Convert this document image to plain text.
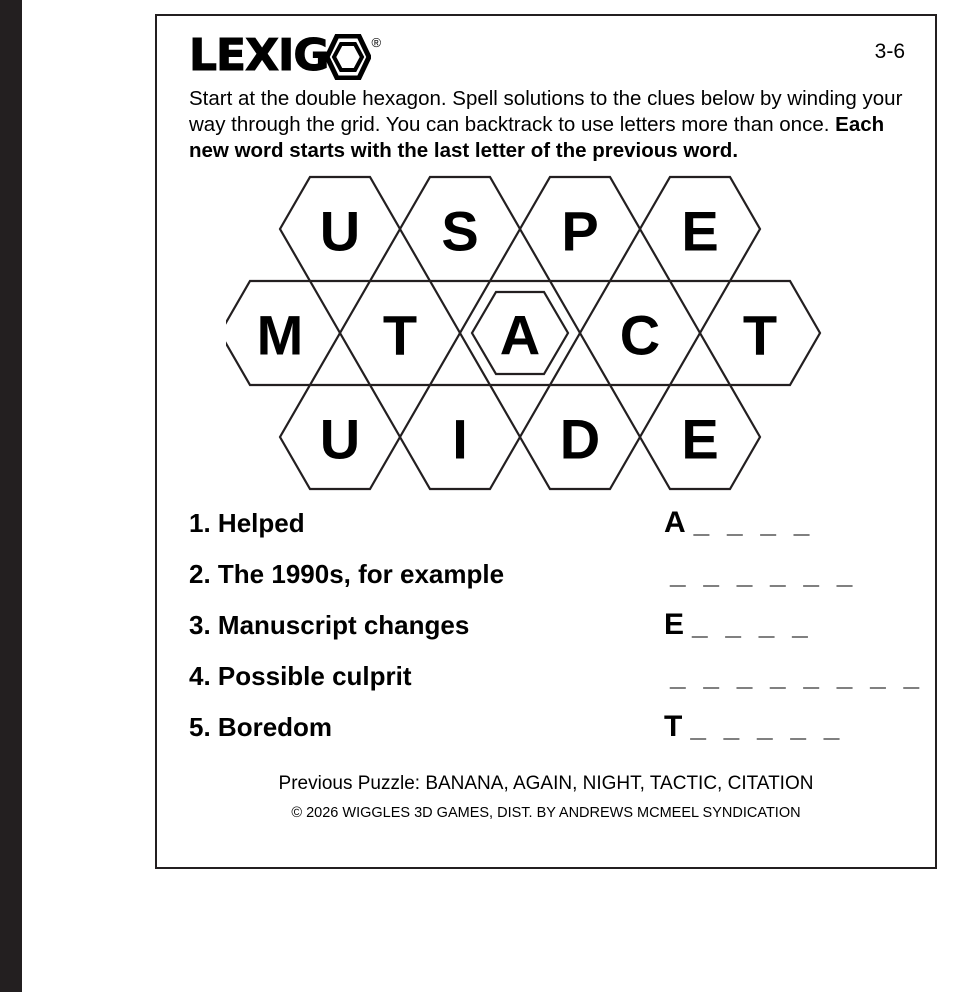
LEXIG	®	3-6

Start at the double hexagon. Spell solutions to the clues below by winding your way through the grid. You can backtrack to use letters more than once. Each new word starts with the last letter of the previous word.

U S P E
M T A C T
U I D E
1. Helped	A _ _ _ _
2. The 1990s, for example	_ _ _ _ _ _
3. Manuscript changes	E _ _ _ _
4. Possible culprit	_ _ _ _ _ _ _ _
5. Boredom	T _ _ _ _ _
Previous Puzzle: BANANA, AGAIN, NIGHT, TACTIC, CITATION
© 2026 WIGGLES 3D GAMES, DIST. BY ANDREWS MCMEEL SYNDICATION
